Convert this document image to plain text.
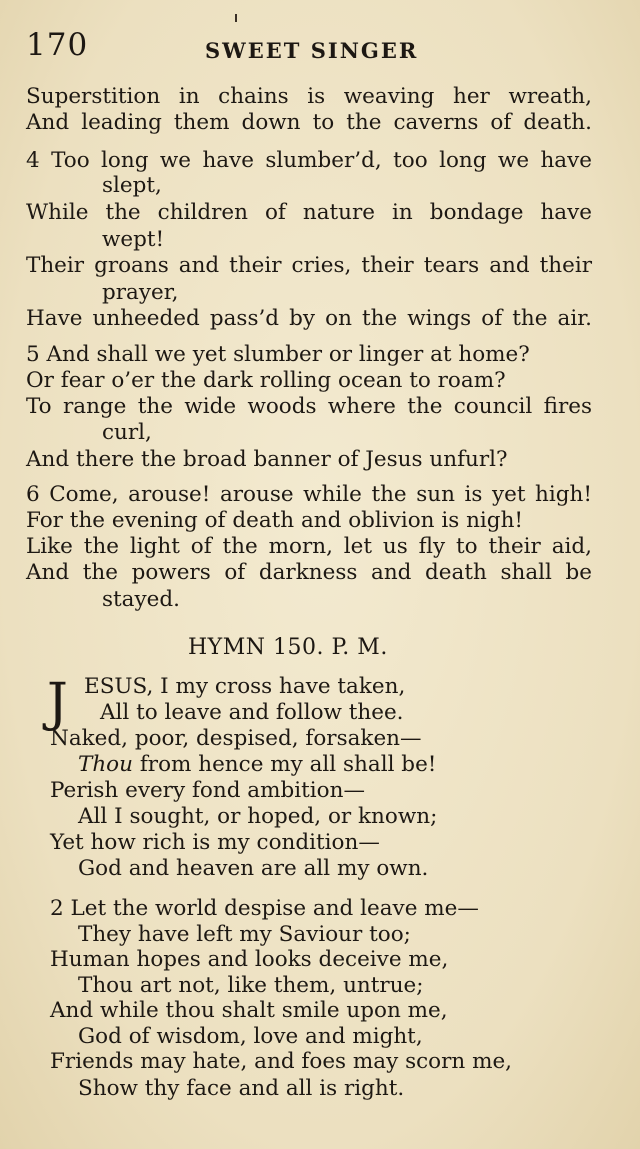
170	SWEET SINGER
Superstition in chains is weaving her wreath,
And leading them down to the caverns of death.
4 Too long we have slumber’d, too long we have
slept,
While the children of nature in bondage have
wept!
Their groans and their cries, their tears and their
prayer,
Have unheeded pass’d by on the wings of the air.
5 And shall we yet slumber or linger at home?
Or fear o’er the dark rolling ocean to roam?
To range the wide woods where the council fires
curl,
And there the broad banner of Jesus unfurl?
6 Come, arouse! arouse while the sun is yet high!
For the evening of death and oblivion is nigh!
Like the light of the morn, let us fly to their aid,
And the powers of darkness and death shall be
stayed.
HYMN 150. P. M.
J ESUS, I my cross have taken,
All to leave and follow thee.
Naked, poor, despised, forsaken—
Thou from hence my all shall be!
Perish every fond ambition—
All I sought, or hoped, or known;
Yet how rich is my condition—
God and heaven are all my own.
2 Let the world despise and leave me—
They have left my Saviour too;
Human hopes and looks deceive me,
Thou art not, like them, untrue;
And while thou shalt smile upon me,
God of wisdom, love and might,
Friends may hate, and foes may scorn me,
Show thy face and all is right.
